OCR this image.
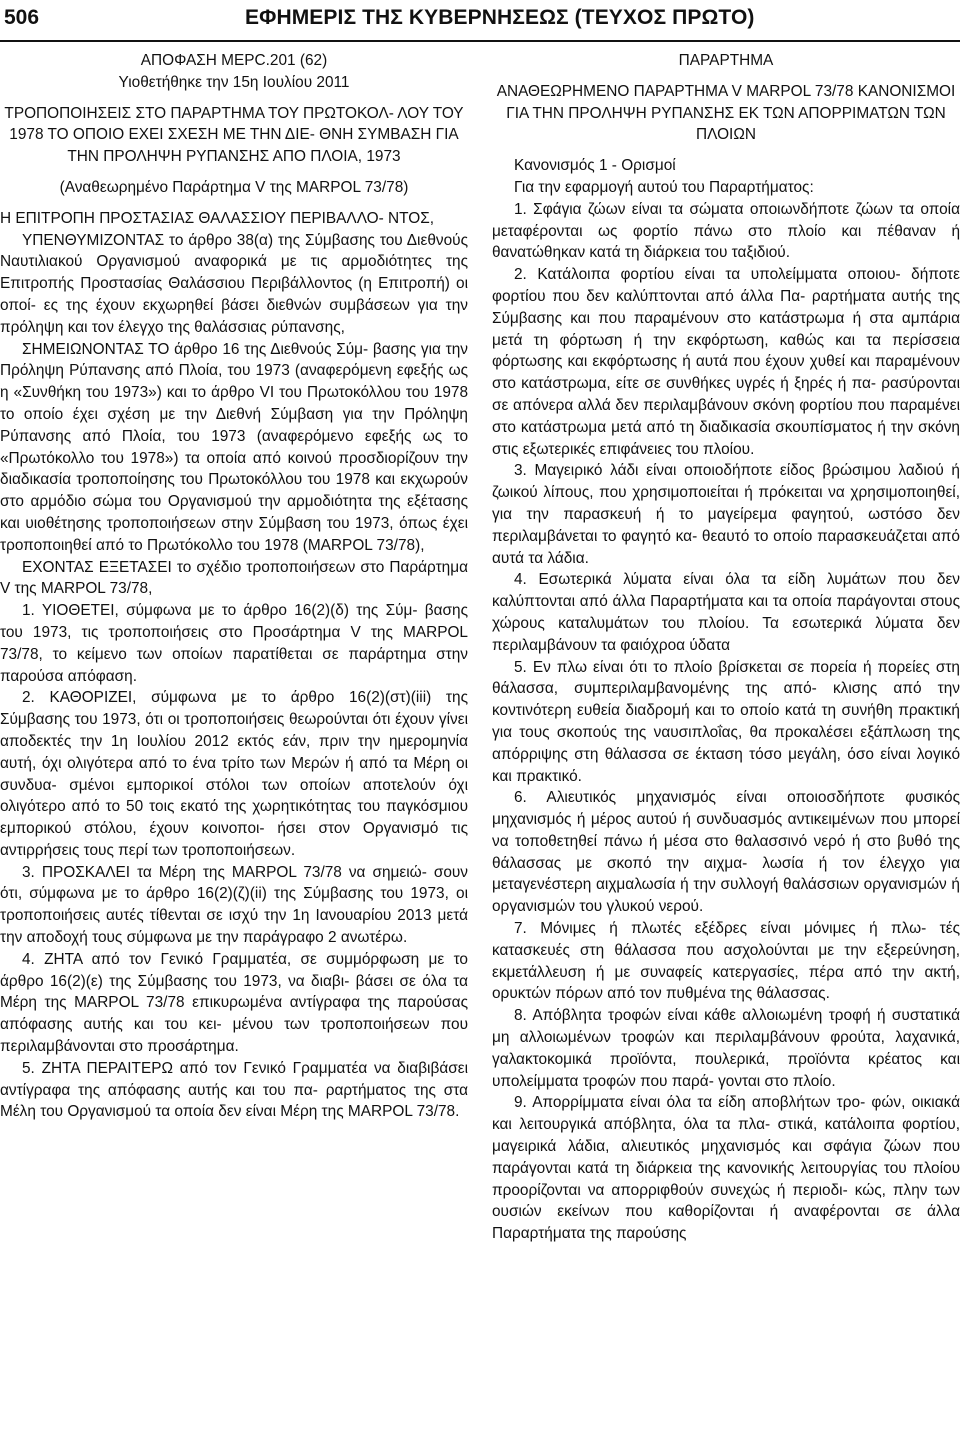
506	ΕΦΗΜΕΡΙΣ ΤΗΣ ΚΥΒΕΡΝΗΣΕΩΣ (ΤΕΥΧΟΣ ΠΡΩΤΟ)

ΑΠΟΦΑΣΗ ΜΕΡC.201 (62)

Υιοθετήθηκε την 15η Ιουλίου 2011

ΤΡΟΠΟΠΟΙΗΣΕΙΣ ΣΤΟ ΠΑΡΑΡΤΗΜΑ ΤΟΥ ΠΡΩΤΟΚΟΛ- ΛΟΥ ΤΟΥ 1978 ΤΟ ΟΠΟΙΟ ΕΧΕΙ ΣΧΕΣΗ ΜΕ ΤΗΝ ΔΙΕ- ΘΝΗ ΣΥΜΒΑΣΗ ΓΙΑ ΤΗΝ ΠΡΟΛΗΨΗ ΡΥΠΑΝΣΗΣ ΑΠΟ ΠΛΟΙΑ, 1973

(Αναθεωρημένο Παράρτημα V της MARPOL 73/78)

Η ΕΠΙΤΡΟΠΗ ΠΡΟΣΤΑΣΙΑΣ ΘΑΛΑΣΣΙΟΥ ΠΕΡΙΒΑΛΛΟ- ΝΤΟΣ,

ΥΠΕΝΘΥΜΙΖΟΝΤΑΣ το άρθρο 38(α) της Σύμβασης του Διεθνούς Ναυτιλιακού Οργανισμού αναφορικά με τις αρμοδιότητες της Επιτροπής Προστασίας Θαλάσσιου Περιβάλλοντος (η Επιτροπή) οι οποί- ες της έχουν εκχωρηθεί βάσει διεθνών συμβάσεων για την πρόληψη και τον έλεγχο της θαλάσσιας ρύπανσης,

ΣΗΜΕΙΩΝΟΝΤΑΣ ΤΟ άρθρο 16 της Διεθνούς Σύμ- βασης για την Πρόληψη Ρύπανσης από Πλοία, του 1973 (αναφερόμενη εφεξής ως η «Συνθήκη του 1973») και το άρθρο VI του Πρωτοκόλλου του 1978 το οποίο έχει σχέση με την Διεθνή Σύμβαση για την Πρόληψη Ρύπανσης από Πλοία, του 1973 (αναφερόμενο εφεξής ως το «Πρωτόκολλο του 1978») τα οποία από κοινού προσδιορίζουν την διαδικασία τροποποίησης του Πρωτοκόλλου του 1978 και εκχωρούν στο αρμόδιο σώμα του Οργανισμού την αρμοδιότητα της εξέτασης και υιοθέτησης τροποποιήσεων στην Σύμβαση του 1973, όπως έχει τροποποιηθεί από το Πρωτόκολλο του 1978 (MARPOL 73/78),

ΕΧΟΝΤΑΣ ΕΞΕΤΑΣΕΙ το σχέδιο τροποποιήσεων στο Παράρτημα V της MARPOL 73/78,

1. ΥΙΟΘΕΤΕΙ, σύμφωνα με το άρθρο 16(2)(δ) της Σύμ- βασης του 1973, τις τροποποιήσεις στο Προσάρτημα V της MARPOL 73/78, το κείμενο των οποίων παρατίθεται σε παράρτημα στην παρούσα απόφαση.

2. ΚΑΘΟΡΙΖΕΙ, σύμφωνα με το άρθρο 16(2)(στ)(iii) της Σύμβασης του 1973, ότι οι τροποποιήσεις θεωρούνται ότι έχουν γίνει αποδεκτές την 1η Ιουλίου 2012 εκτός εάν, πριν την ημερομηνία αυτή, όχι ολιγότερα από το ένα τρίτο των Μερών ή από τα Μέρη οι συνδυα- σμένοι εμπορικοί στόλοι των οποίων αποτελούν όχι ολιγότερο από το 50 τοις εκατό της χωρητικότητας του παγκόσμιου εμπορικού στόλου, έχουν κοινοποι- ήσει στον Οργανισμό τις αντιρρήσεις τους περί των τροποποιήσεων.

3. ΠΡΟΣΚΑΛΕΙ τα Μέρη της MARPOL 73/78 να σημειώ- σουν ότι, σύμφωνα με το άρθρο 16(2)(ζ)(ii) της Σύμβασης του 1973, οι τροποποιήσεις αυτές τίθενται σε ισχύ την 1η Ιανουαρίου 2013 μετά την αποδοχή τους σύμφωνα με την παράγραφο 2 ανωτέρω.

4. ΖΗΤΑ από τον Γενικό Γραμματέα, σε συμμόρφωση με το άρθρο 16(2)(ε) της Σύμβασης του 1973, να διαβι- βάσει σε όλα τα Μέρη της MARPOL 73/78 επικυρωμένα αντίγραφα της παρούσας απόφασης αυτής και του κει- μένου των τροποποιήσεων που περιλαμβάνονται στο προσάρτημα.

5. ΖΗΤΑ ΠΕΡΑΙΤΕΡΩ από τον Γενικό Γραμματέα να διαβιβάσει αντίγραφα της απόφασης αυτής και του πα- ραρτήματος της στα Μέλη του Οργανισμού τα οποία δεν είναι Μέρη της MARPOL 73/78.

ΠΑΡΑΡΤΗΜΑ

ΑΝΑΘΕΩΡΗΜΕΝΟ ΠΑΡΑΡΤΗΜΑ V MARPOL 73/78 ΚΑΝΟΝΙΣΜΟΙ ΓΙΑ ΤΗΝ ΠΡΟΛΗΨΗ ΡΥΠΑΝΣΗΣ ΕΚ ΤΩΝ ΑΠΟΡΡΙΜΑΤΩΝ ΤΩΝ ΠΛΟΙΩΝ

Κανονισμός 1 - Ορισμοί

Για την εφαρμογή αυτού του Παραρτήματος:

1. Σφάγια ζώων είναι τα σώματα οποιωνδήποτε ζώων τα οποία μεταφέρονται ως φορτίο πάνω στο πλοίο και πέθαναν ή θανατώθηκαν κατά τη διάρκεια του ταξιδιού.

2. Κατάλοιπα φορτίου είναι τα υπολείμματα οποιου- δήποτε φορτίου που δεν καλύπτονται από άλλα Πα- ραρτήματα αυτής της Σύμβασης και που παραμένουν στο κατάστρωμα ή στα αμπάρια μετά τη φόρτωση ή την εκφόρτωση, καθώς και τα περίσσεια φόρτωσης και εκφόρτωσης ή αυτά που έχουν χυθεί και παραμένουν στο κατάστρωμα, είτε σε συνθήκες υγρές ή ξηρές ή πα- ρασύρονται σε απόνερα αλλά δεν περιλαμβάνουν σκόνη φορτίου που παραμένει στο κατάστρωμα μετά από τη διαδικασία σκουπίσματος ή την σκόνη στις εξωτερικές επιφάνειες του πλοίου.

3. Μαγειρικό λάδι είναι οποιοδήποτε είδος βρώσιμου λαδιού ή ζωικού λίπους, που χρησιμοποιείται ή πρόκειται να χρησιμοποιηθεί, για την παρασκευή ή το μαγείρεμα φαγητού, ωστόσο δεν περιλαμβάνεται το φαγητό κα- θεαυτό το οποίο παρασκευάζεται από αυτά τα λάδια.

4. Εσωτερικά λύματα είναι όλα τα είδη λυμάτων που δεν καλύπτονται από άλλα Παραρτήματα και τα οποία παράγονται στους χώρους καταλυμάτων του πλοίου. Τα εσωτερικά λύματα δεν περιλαμβάνουν τα φαιόχροα ύδατα

5. Εν πλω είναι ότι το πλοίο βρίσκεται σε πορεία ή πορείες στη θάλασσα, συμπεριλαμβανομένης της από- κλισης από την κοντινότερη ευθεία διαδρομή και το οποίο κατά τη συνήθη πρακτική για τους σκοπούς της ναυσιπλοΐας, θα προκαλέσει εξάπλωση της απόρριψης στη θάλασσα σε έκταση τόσο μεγάλη, όσο είναι λογικό και πρακτικό.

6. Αλιευτικός μηχανισμός είναι οποιοσδήποτε φυσικός μηχανισμός ή μέρος αυτού ή συνδυασμός αντικειμένων που μπορεί να τοποθετηθεί πάνω ή μέσα στο θαλασσινό νερό ή στο βυθό της θάλασσας με σκοπό την αιχμα- λωσία ή τον έλεγχο για μεταγενέστερη αιχμαλωσία ή την συλλογή θαλάσσιων οργανισμών ή οργανισμών του γλυκού νερού.

7. Μόνιμες ή πλωτές εξέδρες είναι μόνιμες ή πλω- τές κατασκευές στη θάλασσα που ασχολούνται με την εξερεύνηση, εκμετάλλευση ή με συναφείς κατεργασίες, πέρα από την ακτή, ορυκτών πόρων από τον πυθμένα της θάλασσας.

8. Απόβλητα τροφών είναι κάθε αλλοιωμένη τροφή ή συστατικά μη αλλοιωμένων τροφών και περιλαμβάνουν φρούτα, λαχανικά, γαλακτοκομικά προϊόντα, πουλερικά, προϊόντα κρέατος και υπολείμματα τροφών που παρά- γονται στο πλοίο.

9. Απορρίμματα είναι όλα τα είδη αποβλήτων τρο- φών, οικιακά και λειτουργικά απόβλητα, όλα τα πλα- στικά, κατάλοιπα φορτίου, μαγειρικά λάδια, αλιευτικός μηχανισμός και σφάγια ζώων που παράγονται κατά τη διάρκεια της κανονικής λειτουργίας του πλοίου προορίζονται να απορριφθούν συνεχώς ή περιοδι- κώς, πλην των ουσιών εκείνων που καθορίζονται ή αναφέρονται σε άλλα Παραρτήματα της παρούσης
